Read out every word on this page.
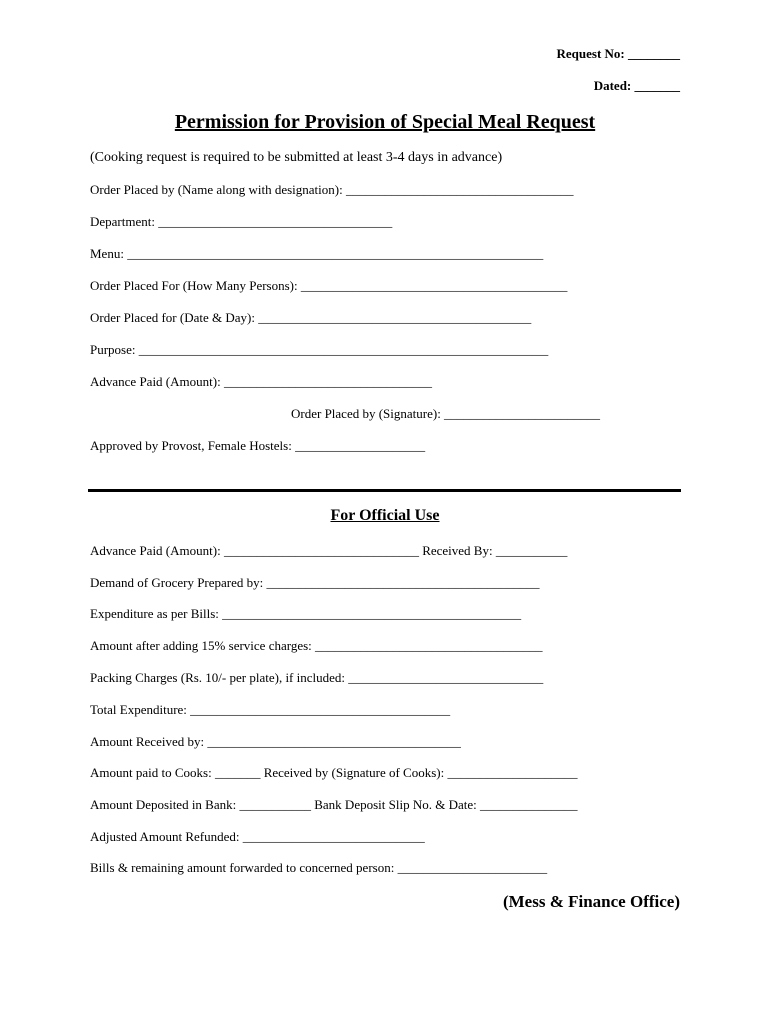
Request No: ________
Dated: _______
Permission for Provision of Special Meal Request
(Cooking request is required to be submitted at least 3-4 days in advance)
Order Placed by (Name along with designation): ___________________________________
Department: ____________________________________
Menu: ________________________________________________________________
Order Placed For (How Many Persons): _________________________________________
Order Placed for (Date & Day): __________________________________________
Purpose: _______________________________________________________________
Advance Paid (Amount): ________________________________
Order Placed by (Signature): ________________________
Approved by Provost, Female Hostels: ____________________
For Official Use
Advance Paid (Amount): ______________________________ Received By: ___________
Demand of Grocery Prepared by: __________________________________________
Expenditure as per Bills: ______________________________________________
Amount after adding 15% service charges: ___________________________________
Packing Charges (Rs. 10/- per plate), if included: ______________________________
Total Expenditure: ________________________________________
Amount Received by: _______________________________________
Amount paid to Cooks: _______ Received by (Signature of Cooks): ____________________
Amount Deposited in Bank: ___________ Bank Deposit Slip No. & Date: _______________
Adjusted Amount Refunded: ____________________________
Bills & remaining amount forwarded to concerned person: _______________________
(Mess & Finance Office)
